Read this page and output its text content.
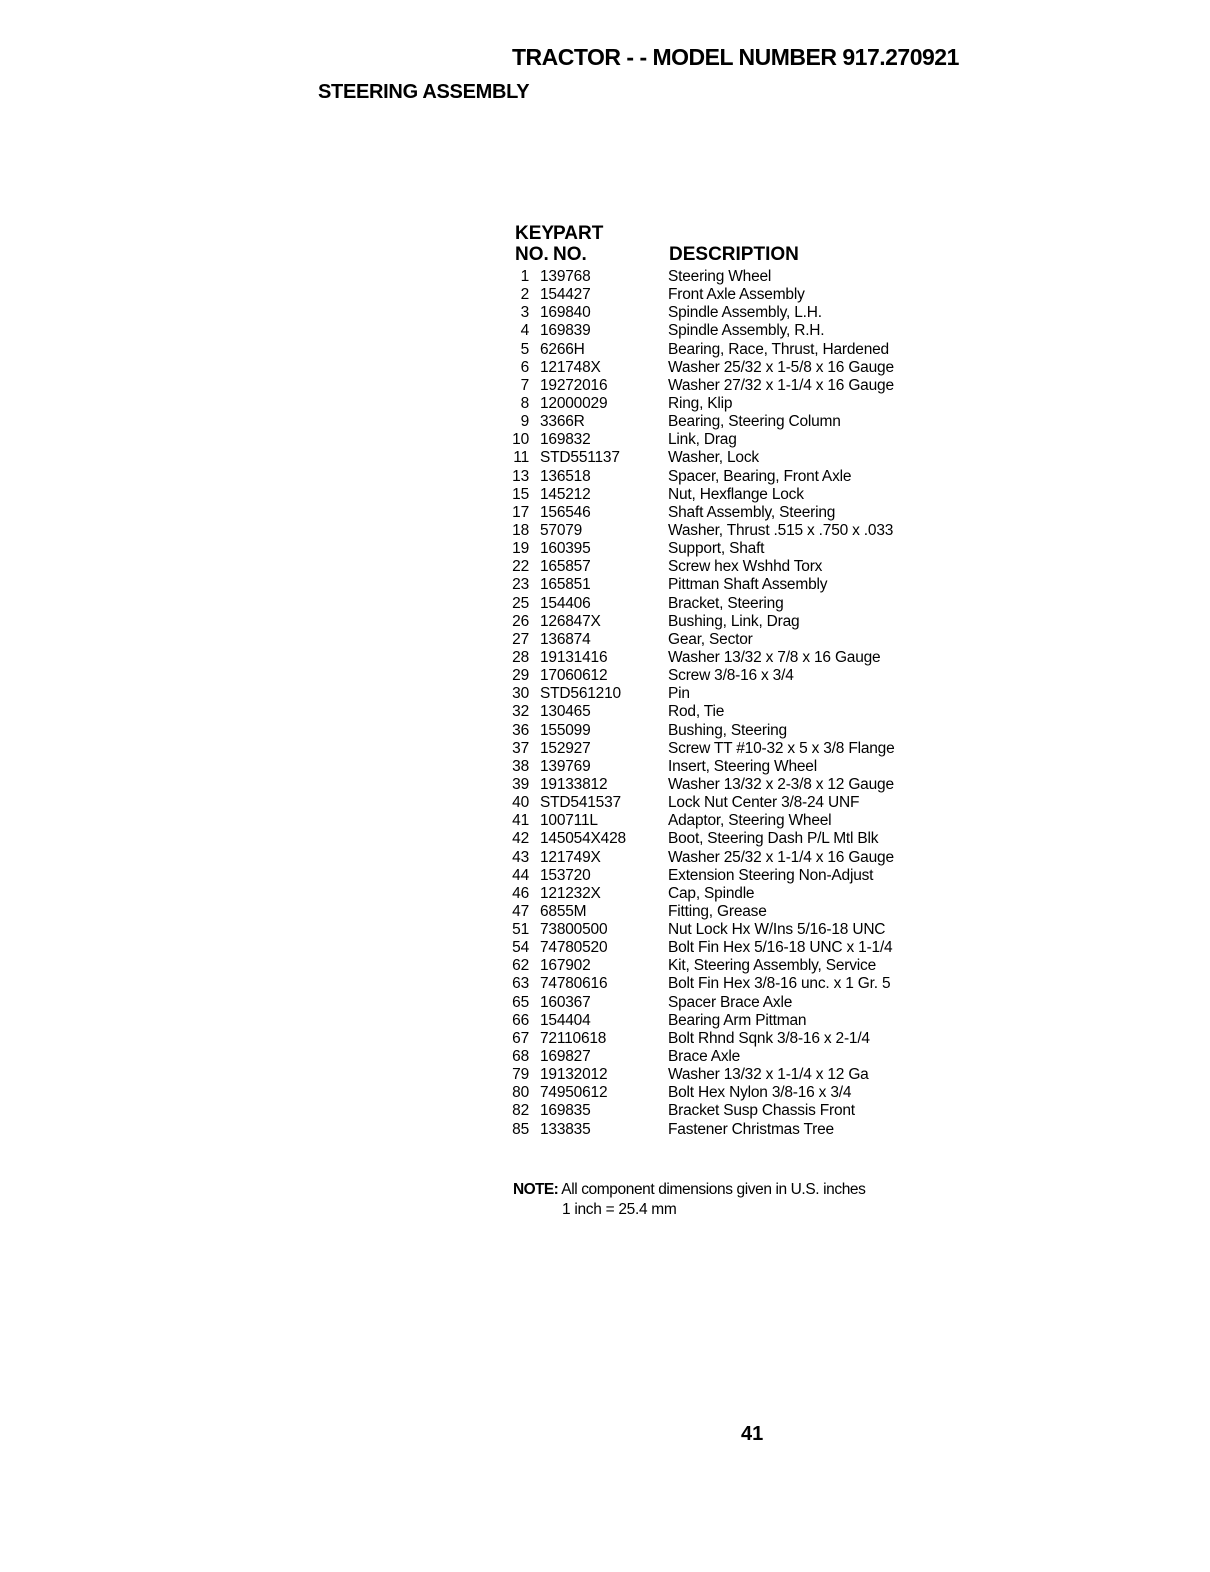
TRACTOR - - MODEL NUMBER 917.270921
STEERING ASSEMBLY
KEY
PART
NO. NO.	DESCRIPTION
1 139768	Steering Wheel
2 154427	Front Axle Assembly
3 169840	Spindle Assembly, L.H.
4 169839	Spindle Assembly, R.H.
5 6266H	Bearing, Race, Thrust, Hardened
6 121748X	Washer 25/32 x 1-5/8 x 16 Gauge
7 19272016	Washer 27/32 x 1-1/4 x 16 Gauge
8 12000029	Ring, Klip
9 3366R	Bearing, Steering Column
10 169832	Link, Drag
11 STD551137	Washer, Lock
13 136518	Spacer, Bearing, Front Axle
15 145212	Nut, Hexflange Lock
17 156546	Shaft Assembly, Steering
18 57079	Washer, Thrust .515 x .750 x .033
19 160395	Support, Shaft
22 165857	Screw hex Wshhd Torx
23 165851	Pittman Shaft Assembly
25 154406	Bracket, Steering
26 126847X	Bushing, Link, Drag
27 136874	Gear, Sector
28 19131416	Washer 13/32 x 7/8 x 16 Gauge
29 17060612	Screw 3/8-16 x 3/4
30 STD561210	Pin
32 130465	Rod, Tie
36 155099	Bushing, Steering
37 152927	Screw TT #10-32 x 5 x 3/8 Flange
38 139769	Insert, Steering Wheel
39 19133812	Washer 13/32 x 2-3/8 x 12 Gauge
40 STD541537	Lock Nut Center 3/8-24 UNF
41 100711L	Adaptor, Steering Wheel
42 145054X428	Boot, Steering Dash P/L Mtl Blk
43 121749X	Washer 25/32 x 1-1/4 x 16 Gauge
44 153720	Extension Steering Non-Adjust
46 121232X	Cap, Spindle
47 6855M	Fitting, Grease
51 73800500	Nut Lock Hx W/Ins 5/16-18 UNC
54 74780520	Bolt Fin Hex 5/16-18 UNC x 1-1/4
62 167902	Kit, Steering Assembly, Service
63 74780616	Bolt Fin Hex 3/8-16 unc. x 1 Gr. 5
65 160367	Spacer Brace Axle
66 154404	Bearing Arm Pittman
67 72110618	Bolt Rhnd Sqnk 3/8-16 x 2-1/4
68 169827	Brace Axle
79 19132012	Washer 13/32 x 1-1/4 x 12 Ga
80 74950612	Bolt Hex Nylon 3/8-16 x 3/4
82 169835	Bracket Susp Chassis Front
85 133835	Fastener Christmas Tree
NOTE: All component dimensions given in U.S. inches
1 inch = 25.4 mm
41
